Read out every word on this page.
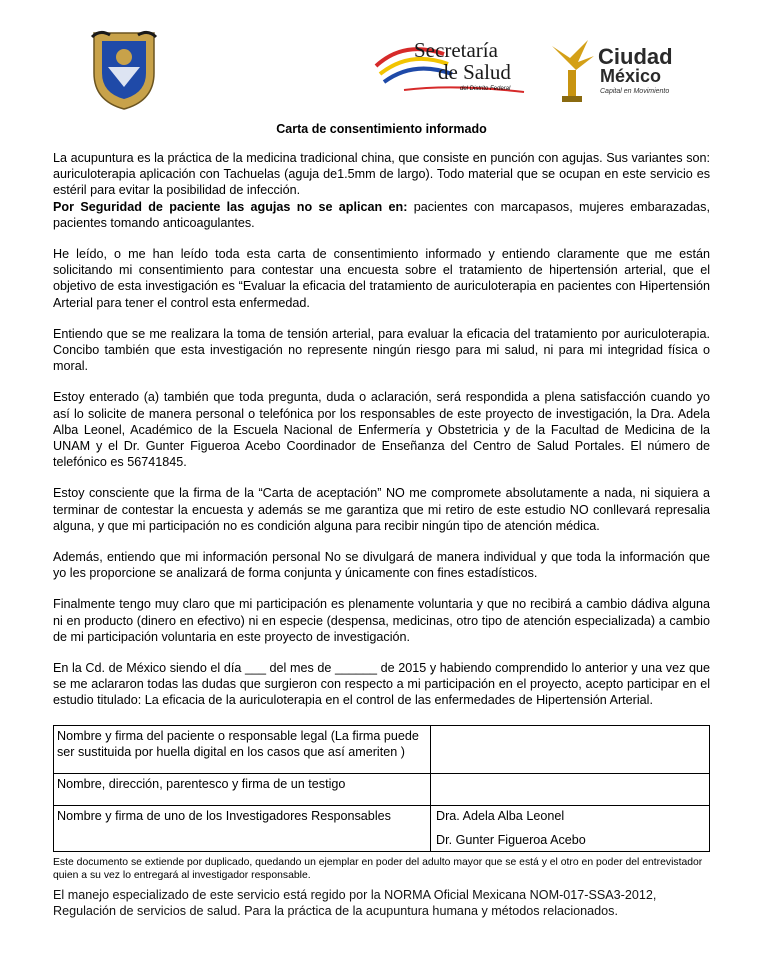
Secretaría
de Salud
del Distrito Federal
Ciudad
México
Capital en Movimiento
Carta de consentimiento informado

La acupuntura es la práctica de la medicina tradicional china, que consiste en punción con agujas. Sus variantes son: auriculoterapia aplicación con Tachuelas (aguja de1.5mm de largo). Todo material que se ocupan en este servicio es estéril para evitar la posibilidad de infección.

Por Seguridad de paciente las agujas no se aplican en: pacientes con marcapasos, mujeres embarazadas, pacientes tomando anticoagulantes.

He leído, o me han leído toda esta carta de consentimiento informado y entiendo claramente que me están solicitando mi consentimiento para contestar una encuesta sobre el tratamiento de hipertensión arterial, que el objetivo de esta investigación es “Evaluar la eficacia del tratamiento de auriculoterapia en pacientes con Hipertensión Arterial para tener el control esta enfermedad.

Entiendo que se me realizara la toma de tensión arterial, para evaluar la eficacia del tratamiento por auriculoterapia. Concibo también que esta investigación no represente ningún riesgo para mi salud, ni para mi integridad física o moral.

Estoy enterado (a) también que toda pregunta, duda o aclaración, será respondida a plena satisfacción cuando yo así lo solicite de manera personal o telefónica por los responsables de este proyecto de investigación, la Dra. Adela Alba Leonel, Académico de la Escuela Nacional de Enfermería y Obstetricia y de la Facultad de Medicina de la UNAM y el Dr. Gunter Figueroa Acebo Coordinador de Enseñanza del Centro de Salud Portales. El número de telefónico es 56741845.

Estoy consciente que la firma de la “Carta de aceptación” NO me compromete absolutamente a nada, ni siquiera a terminar de contestar la encuesta y además se me garantiza que mi retiro de este estudio NO conllevará represalia alguna, y que mi participación no es condición alguna para recibir ningún tipo de atención médica.

Además, entiendo que mi información personal No se divulgará de manera individual y que toda la información que yo les proporcione se analizará de forma conjunta y únicamente con fines estadísticos.

Finalmente tengo muy claro que mi participación es plenamente voluntaria y que no recibirá a cambio dádiva alguna ni en producto (dinero en efectivo) ni en especie (despensa, medicinas, otro tipo de atención especializada) a cambio de mi participación voluntaria en este proyecto de investigación.

En la Cd. de México siendo el día ___ del mes de ______ de 2015 y habiendo comprendido lo anterior y una vez que se me aclararon todas las dudas que surgieron con respecto a mi participación en el proyecto, acepto participar en el estudio titulado: La eficacia de la auriculoterapia en el control de las enfermedades de Hipertensión Arterial.

Nombre y firma del paciente o responsable legal (La firma puede ser sustituida por huella digital en los casos que así ameriten )	
Nombre, dirección, parentesco y firma de un testigo	
Nombre y firma de uno de los Investigadores Responsables	Dra. Adela Alba Leonel
Dr. Gunter Figueroa Acebo
Este documento se extiende por duplicado, quedando un ejemplar en poder del adulto mayor que se está y el otro en poder del entrevistador quien a su vez lo entregará al investigador responsable.
El manejo especializado de este servicio está regido por la NORMA Oficial Mexicana NOM-017-SSA3-2012, Regulación de servicios de salud. Para la práctica de la acupuntura humana y métodos relacionados.
